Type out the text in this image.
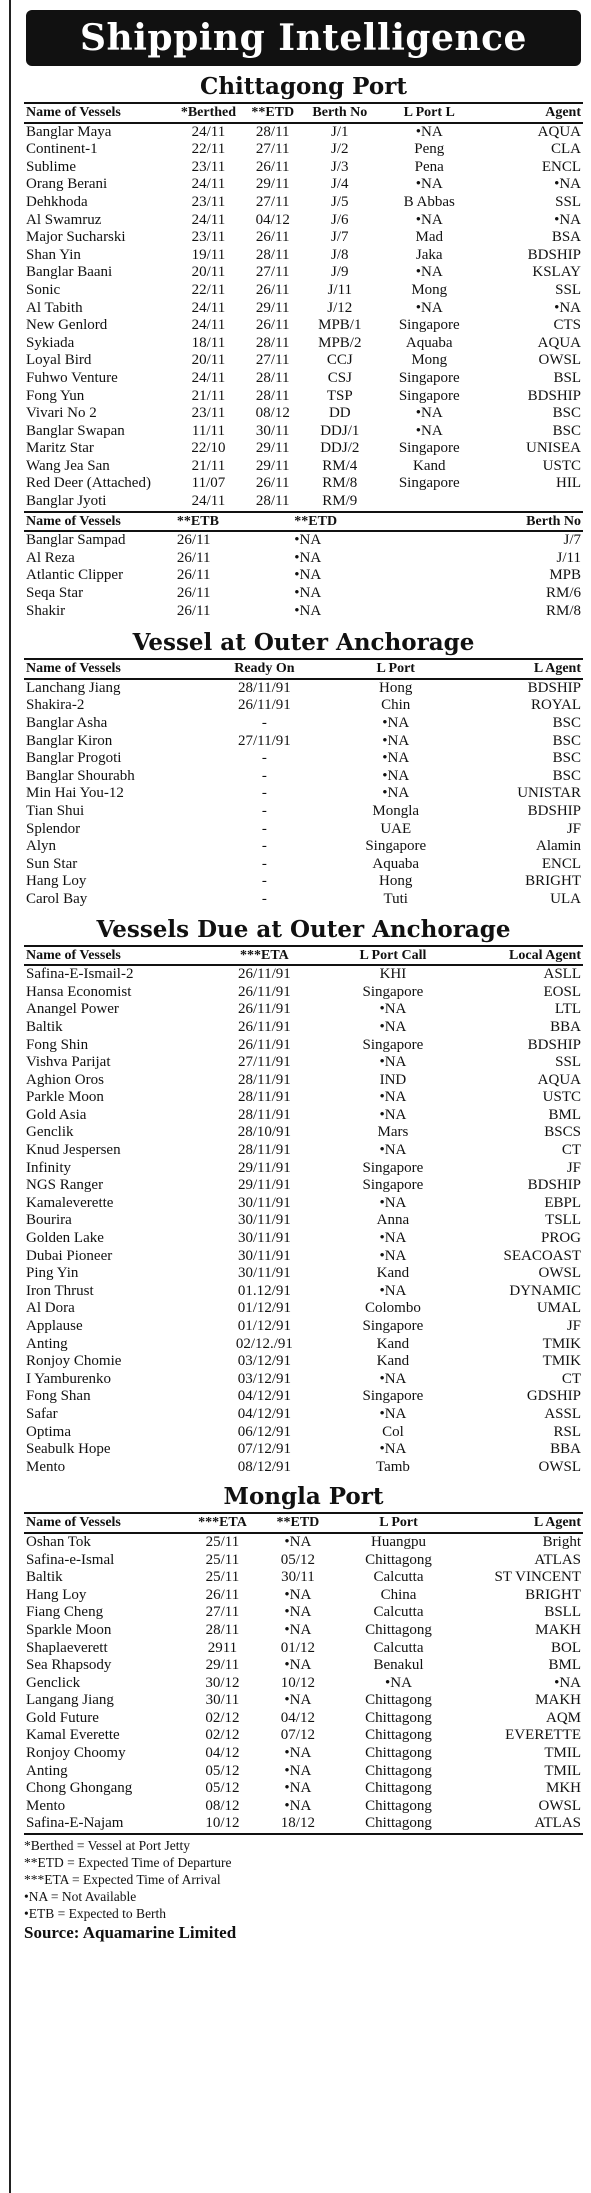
Shipping Intelligence
Chittagong Port
Name of Vessels	*Berthed	**ETD	Berth No	L Port L	Agent
Banglar Maya	24/11	28/11	J/1	•NA	AQUA
Continent-1	22/11	27/11	J/2	Peng	CLA
Sublime	23/11	26/11	J/3	Pena	ENCL
Orang Berani	24/11	29/11	J/4	•NA	•NA
Dehkhoda	23/11	27/11	J/5	B Abbas	SSL
Al Swamruz	24/11	04/12	J/6	•NA	•NA
Major Sucharski	23/11	26/11	J/7	Mad	BSA
Shan Yin	19/11	28/11	J/8	Jaka	BDSHIP
Banglar Baani	20/11	27/11	J/9	•NA	KSLAY
Sonic	22/11	26/11	J/11	Mong	SSL
Al Tabith	24/11	29/11	J/12	•NA	•NA
New Genlord	24/11	26/11	MPB/1	Singapore	CTS
Sykiada	18/11	28/11	MPB/2	Aquaba	AQUA
Loyal Bird	20/11	27/11	CCJ	Mong	OWSL
Fuhwo Venture	24/11	28/11	CSJ	Singapore	BSL
Fong Yun	21/11	28/11	TSP	Singapore	BDSHIP
Vivari No 2	23/11	08/12	DD	•NA	BSC
Banglar Swapan	11/11	30/11	DDJ/1	•NA	BSC
Maritz Star	22/10	29/11	DDJ/2	Singapore	UNISEA
Wang Jea San	21/11	29/11	RM/4	Kand	USTC
Red Deer (Attached)	11/07	26/11	RM/8	Singapore	HIL
Banglar Jyoti	24/11	28/11	RM/9		
Name of Vessels	**ETB	**ETD	Berth No
Banglar Sampad	26/11	•NA	J/7
Al Reza	26/11	•NA	J/11
Atlantic Clipper	26/11	•NA	MPB
Seqa Star	26/11	•NA	RM/6
Shakir	26/11	•NA	RM/8
Vessel at Outer Anchorage
Name of Vessels	Ready On	L Port	L Agent
Lanchang Jiang	28/11/91	Hong	BDSHIP
Shakira-2	26/11/91	Chin	ROYAL
Banglar Asha	-	•NA	BSC
Banglar Kiron	27/11/91	•NA	BSC
Banglar Progoti	-	•NA	BSC
Banglar Shourabh	-	•NA	BSC
Min Hai You-12	-	•NA	UNISTAR
Tian Shui	-	Mongla	BDSHIP
Splendor	-	UAE	JF
Alyn	-	Singapore	Alamin
Sun Star	-	Aquaba	ENCL
Hang Loy	-	Hong	BRIGHT
Carol Bay	-	Tuti	ULA
Vessels Due at Outer Anchorage
Name of Vessels	***ETA	L Port Call	Local Agent
Safina-E-Ismail-2	26/11/91	KHI	ASLL
Hansa Economist	26/11/91	Singapore	EOSL
Anangel Power	26/11/91	•NA	LTL
Baltik	26/11/91	•NA	BBA
Fong Shin	26/11/91	Singapore	BDSHIP
Vishva Parijat	27/11/91	•NA	SSL
Aghion Oros	28/11/91	IND	AQUA
Parkle Moon	28/11/91	•NA	USTC
Gold Asia	28/11/91	•NA	BML
Genclik	28/10/91	Mars	BSCS
Knud Jespersen	28/11/91	•NA	CT
Infinity	29/11/91	Singapore	JF
NGS Ranger	29/11/91	Singapore	BDSHIP
Kamaleverette	30/11/91	•NA	EBPL
Bourira	30/11/91	Anna	TSLL
Golden Lake	30/11/91	•NA	PROG
Dubai Pioneer	30/11/91	•NA	SEACOAST
Ping Yin	30/11/91	Kand	OWSL
Iron Thrust	01.12/91	•NA	DYNAMIC
Al Dora	01/12/91	Colombo	UMAL
Applause	01/12/91	Singapore	JF
Anting	02/12./91	Kand	TMIK
Ronjoy Chomie	03/12/91	Kand	TMIK
I Yamburenko	03/12/91	•NA	CT
Fong Shan	04/12/91	Singapore	GDSHIP
Safar	04/12/91	•NA	ASSL
Optima	06/12/91	Col	RSL
Seabulk Hope	07/12/91	•NA	BBA
Mento	08/12/91	Tamb	OWSL
Mongla Port
Name of Vessels	***ETA	**ETD	L Port	L Agent
Oshan Tok	25/11	•NA	Huangpu	Bright
Safina-e-Ismal	25/11	05/12	Chittagong	ATLAS
Baltik	25/11	30/11	Calcutta	ST VINCENT
Hang Loy	26/11	•NA	China	BRIGHT
Fiang Cheng	27/11	•NA	Calcutta	BSLL
Sparkle Moon	28/11	•NA	Chittagong	MAKH
Shaplaeverett	2911	01/12	Calcutta	BOL
Sea Rhapsody	29/11	•NA	Benakul	BML
Genclick	30/12	10/12	•NA	•NA
Langang Jiang	30/11	•NA	Chittagong	MAKH
Gold Future	02/12	04/12	Chittagong	AQM
Kamal Everette	02/12	07/12	Chittagong	EVERETTE
Ronjoy Choomy	04/12	•NA	Chittagong	TMIL
Anting	05/12	•NA	Chittagong	TMIL
Chong Ghongang	05/12	•NA	Chittagong	MKH
Mento	08/12	•NA	Chittagong	OWSL
Safina-E-Najam	10/12	18/12	Chittagong	ATLAS
*Berthed = Vessel at Port Jetty
**ETD = Expected Time of Departure
***ETA = Expected Time of Arrival
•NA = Not Available
•ETB = Expected to Berth
Source: Aquamarine Limited
